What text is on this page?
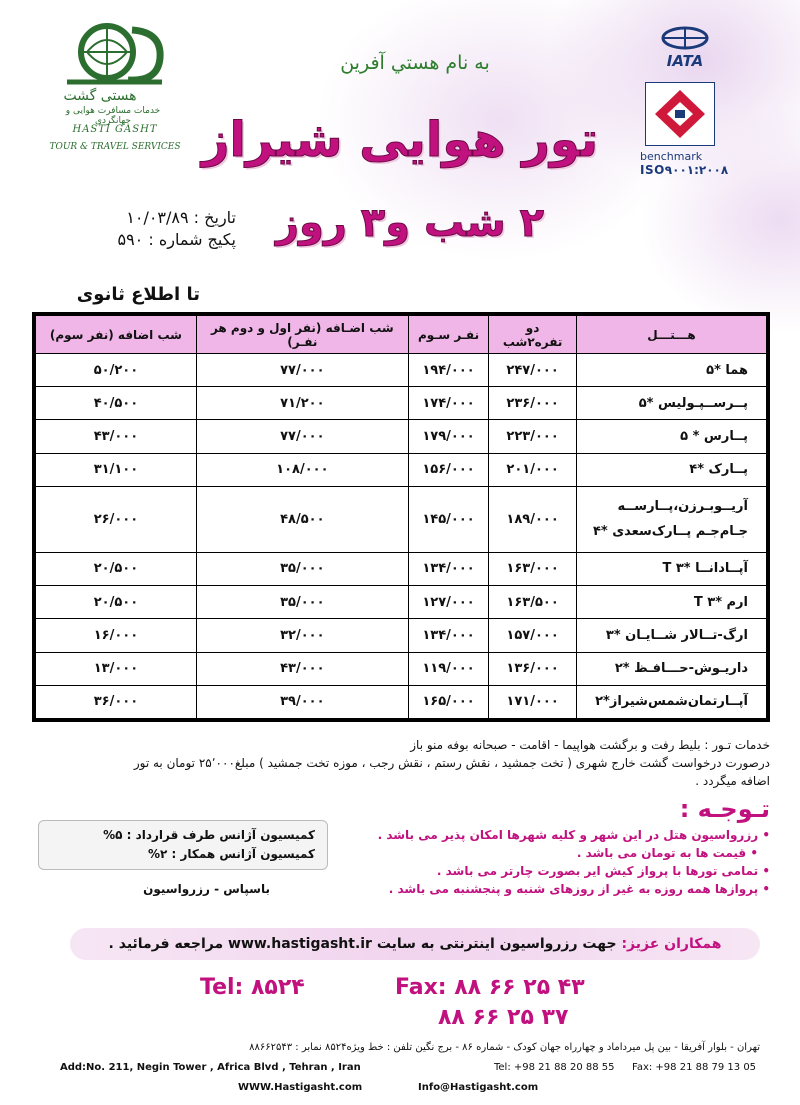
هستی گشت
خدمات مسافرت هوایی و جهانگردی
HASTI GASHT
TOUR & TRAVEL SERVICES
به نام هستي آفرين
تور هوایی شیراز
۲ شب و۳ روز
IATA
benchmark
ISO۹۰۰۱:۲۰۰۸
تاریخ : ۱۰/۰۳/۸۹
پکیج شماره : ۵۹۰
تا اطلاع ثانوی
هـــتـــل	دو تفره۲شب	نفـر سـوم	شب اضـافه (نفر اول و دوم هر نفـر)	شب اضافه (نفر سوم)
هما *۵	۲۴۷/۰۰۰	۱۹۴/۰۰۰	۷۷/۰۰۰	۵۰/۲۰۰
پــرســپـولیس *۵	۲۳۶/۰۰۰	۱۷۴/۰۰۰	۷۱/۲۰۰	۴۰/۵۰۰
پــارس * ۵	۲۲۳/۰۰۰	۱۷۹/۰۰۰	۷۷/۰۰۰	۴۳/۰۰۰
پــارک *۴	۲۰۱/۰۰۰	۱۵۶/۰۰۰	۱۰۸/۰۰۰	۳۱/۱۰۰

آریــوبـرزن،پــارســه
جـام‌جـم پــارک‌سعدی *۴	۱۸۹/۰۰۰	۱۴۵/۰۰۰	۴۸/۵۰۰	۲۶/۰۰۰
آپــادانــا *۳ T	۱۶۳/۰۰۰	۱۳۴/۰۰۰	۳۵/۰۰۰	۲۰/۵۰۰
ارم *۳ T	۱۶۳/۵۰۰	۱۲۷/۰۰۰	۳۵/۰۰۰	۲۰/۵۰۰
ارگ-تــالار شــایـان *۳	۱۵۷/۰۰۰	۱۳۴/۰۰۰	۳۲/۰۰۰	۱۶/۰۰۰
داریـوش-حـــافـظ *۲	۱۳۶/۰۰۰	۱۱۹/۰۰۰	۴۳/۰۰۰	۱۳/۰۰۰
آپــارتمان‌شمس‌شیراز*۲	۱۷۱/۰۰۰	۱۶۵/۰۰۰	۳۹/۰۰۰	۳۶/۰۰۰
خدمات تـور : بلیط رفت و برگشت هواپیما - اقامت - صبحانه بوفه منو باز
درصورت درخواست گشت خارج شهری ( تخت جمشید ، نقش رستم ، نقش رجب ، موزه تخت جمشید ) مبلغ۲۵٬۰۰۰ تومان به تور
اضافه میگردد .
کمیسیون آژانس طرف قرارداد : ۵%
کمیسیون آژانس همکار : ۲%
باسپاس - رزرواسیون
تـوجـه :
• رزرواسیون هتل در این شهر و کلیه شهرها امکان پذیر می باشد .
• قیمت ها به تومان می باشد .
• تمامی تورها با پرواز کیش ایر بصورت چارتر می باشد .
• پروازها همه روزه به غیر از روزهای شنبه و پنجشنبه می باشد .
همکاران عزیز: جهت رزرواسیون اینترنتی به سایت www.hastigasht.ir مراجعه فرمائید .
Tel: ۸۵۲۴	Fax: ۸۸ ۶۶ ۲۵ ۴۳
۸۸ ۶۶ ۲۵ ۳۷
تهران - بلوار آفریقا - بین پل میرداماد و چهارراه جهان کودک - شماره ۸۶ - برج نگین تلفن : خط ویژه۸۵۲۴ نمابر : ۸۸۶۶۲۵۴۳
Add:No. 211, Negin Tower , Africa Blvd , Tehran , Iran	Tel: +98 21 88 20 88 55 Fax: +98 21 88 79 13 05
WWW.Hastigasht.com	Info@Hastigasht.com
